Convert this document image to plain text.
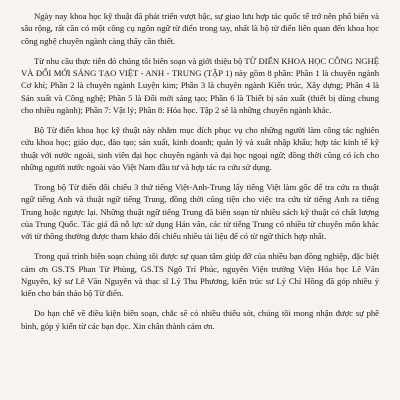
Ngày nay khoa học kỹ thuật đã phát triển vượt bậc, sự giao lưu hợp tác quốc tế trở nên phổ biến và sâu rộng, rất cần có một công cụ ngôn ngữ từ điển trong tay, nhất là bộ từ điển liên quan đến khoa học công nghệ chuyên ngành càng thấy cần thiết.

Từ nhu cầu thực tiễn đó chúng tôi biên soạn và giới thiệu bộ TỪ ĐIỂN KHOA HỌC CÔNG NGHỆ VÀ ĐỔI MỚI SÁNG TẠO VIỆT - ANH - TRUNG (TẬP 1) này gồm 8 phần: Phần 1 là chuyên ngành Cơ khí; Phần 2 là chuyên ngành Luyện kim; Phần 3 là chuyên ngành Kiến trúc, Xây dựng; Phần 4 là Sản xuất và Công nghệ; Phần 5 là Đổi mới sáng tạo; Phần 6 là Thiết bị sản xuất (thiết bị dùng chung cho nhiều ngành); Phần 7: Vật lý; Phần 8: Hóa học. Tập 2 sẽ là những chuyên ngành khác.

Bộ Từ điển khoa học kỹ thuật này nhằm mục đích phục vụ cho những người làm công tác nghiên cứu khoa học; giáo dục, đào tạo; sản xuất, kinh doanh; quản lý và xuất nhập khẩu; hợp tác kinh tế kỹ thuật với nước ngoài, sinh viên đại học chuyên ngành và đại học ngoại ngữ; đồng thời cũng có ích cho những người nước ngoài vào Việt Nam đầu tư và hợp tác ra cứu sử dụng.

Trong bộ Từ điển đối chiếu 3 thứ tiếng Việt-Anh-Trung lấy tiếng Việt làm gốc để tra cứu ra thuật ngữ tiếng Anh và thuật ngữ tiếng Trung, đồng thời cũng tiện cho việc tra cứu từ tiếng Anh ra tiếng Trung hoặc ngược lại. Những thuật ngữ tiếng Trung đã biên soạn từ nhiều sách kỹ thuật có chất lượng của Trung Quốc. Tác giả đã nỗ lực sử dụng Hán văn, các từ tiếng Trung có nhiều từ chuyên môn khác với từ thông thường được tham khảo đối chiếu nhiều tài liệu để có từ ngữ thích hợp nhất.

Trong quá trình biên soạn chúng tôi được sự quan tâm giúp đỡ của nhiều bạn đồng nghiệp, đặc biệt cảm ơn GS.TS Phan Từ Phùng, GS.TS Ngô Trí Phúc, nguyên Viện trưởng Viện Hóa học Lê Văn Nguyên, kỹ sư Lê Văn Nguyên và thạc sĩ Lý Thu Phương, kiến trúc sư Lý Chí Hồng đã góp nhiều ý kiến cho bản thảo bộ Từ điển.

Do hạn chế về điều kiện biên soạn, chắc sẽ có nhiều thiếu sót, chúng tôi mong nhận được sự phê bình, góp ý kiến từ các bạn đọc. Xin chân thành cảm ơn.
